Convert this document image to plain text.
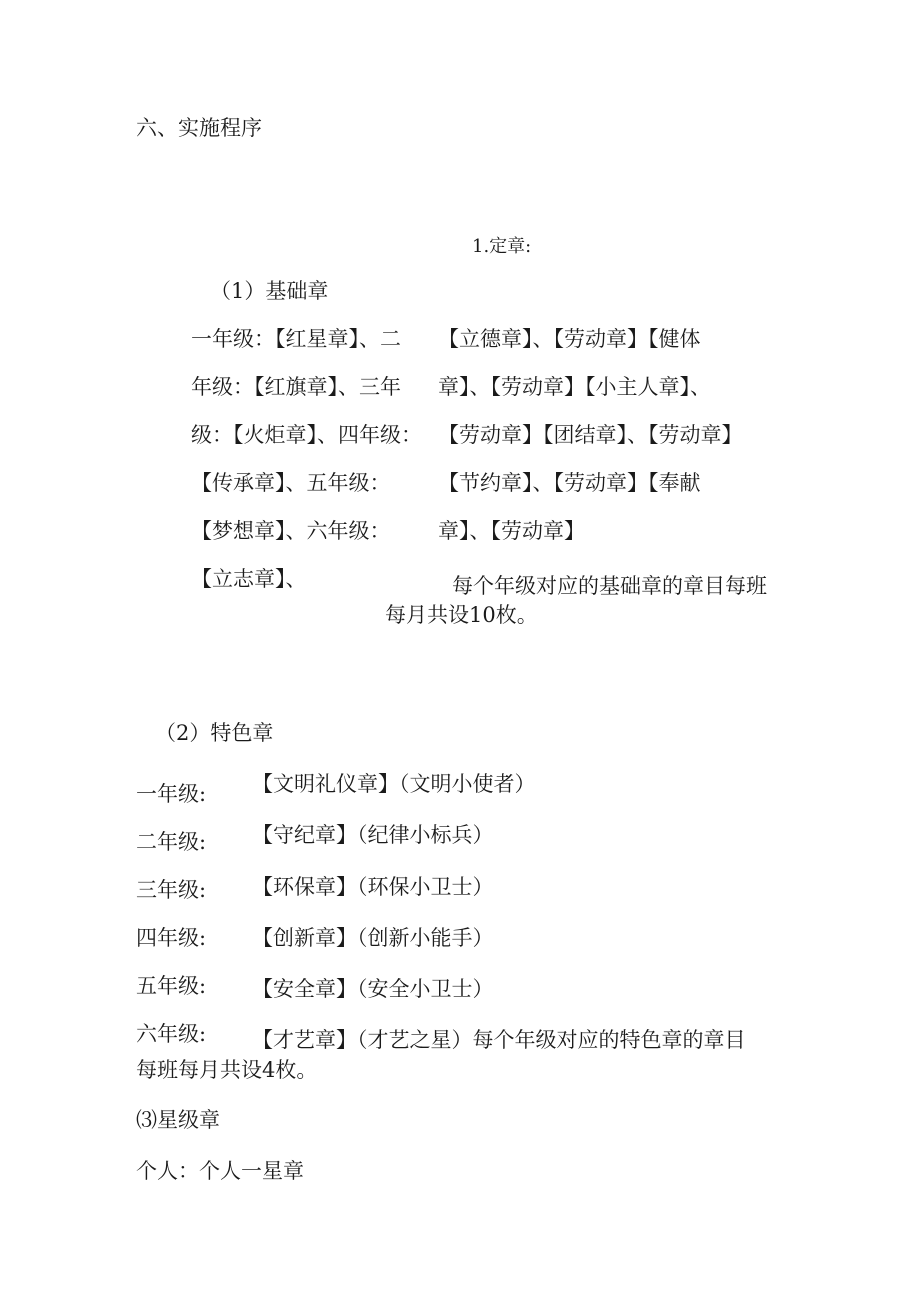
六、实施程序
1.定章:
（1）基础章
一年级：【红星章】、二
年级：【红旗章】、三年
级：【火炬章】、四年级：
【传承章】、五年级：
【梦想章】、六年级：
【立志章】、
【立德章】、【劳动章】【健体
章】、【劳动章】【小主人章】、
【劳动章】【团结章】、【劳动章】
【节约章】、【劳动章】【奉献
章】、【劳动章】
每个年级对应的基础章的章目每班
每月共设10枚。
（2）特色章
一年级: 【文明礼仪章】（文明小使者）
二年级: 【守纪章】（纪律小标兵）
三年级: 【环保章】（环保小卫士）
四年级: 【创新章】（创新小能手）
五年级: 【安全章】（安全小卫士）
六年级: 【才艺章】（才艺之星）每个年级对应的特色章的章目
每班每月共设4枚。
⑶星级章
个人：个人一星章
